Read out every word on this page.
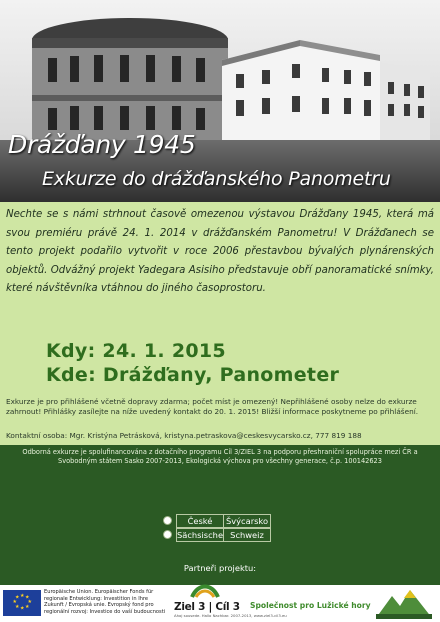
Drážďany 1945
Exkurze do drážďanského Panometru
Nechte se s námi strhnout časově omezenou výstavou Drážďany 1945, která má svou premiéru právě 24. 1. 2014 v drážďanském Panometru! V Drážďanech se tento projekt podařilo vytvořit v roce 2006 přestavbou bývalých plynárenských objektů. Odvážný projekt Yadegara Asisiho představuje obří panoramatické snímky, které návštěvníka vtáhnou do jiného časoprostoru.
Kdy: 24. 1. 2015
Kde: Drážďany, Panometer
Exkurze je pro přihlášené včetně dopravy zdarma; počet míst je omezený! Nepřihlášené osoby nelze do exkurze zahrnout! Přihlášky zasílejte na níže uvedený kontakt do 20. 1. 2015! Bližší informace poskytneme po přihlášení.
Kontaktní osoba: Mgr. Kristýna Petrásková, kristyna.petraskova@ceskesvycarsko.cz, 777 819 188
Odborná exkurze je spolufinancována z dotačního programu Cíl 3/ZIEL 3 na podporu přeshraniční spolupráce mezi ČR a Svobodným státem Sasko 2007-2013, Ekologická výchova pro všechny generace, č.p. 100142623
České	Švýcarsko
Sächsische Schweiz
Partneři projektu:
★ ★
★
★
★
★
★
★
Europäische Union. Europäischer Fonds für regionale Entwicklung: Investition in Ihre Zukunft / Evropská unie. Evropský fond pro regionální rozvoj: Investice do vaší budoucnosti Ziel 3 | Cíl 3
Ahoj sousede. Hallo Nachbar. 2007-2013, www.ziel3-cil3.eu
Společnost pro Lužické hory
